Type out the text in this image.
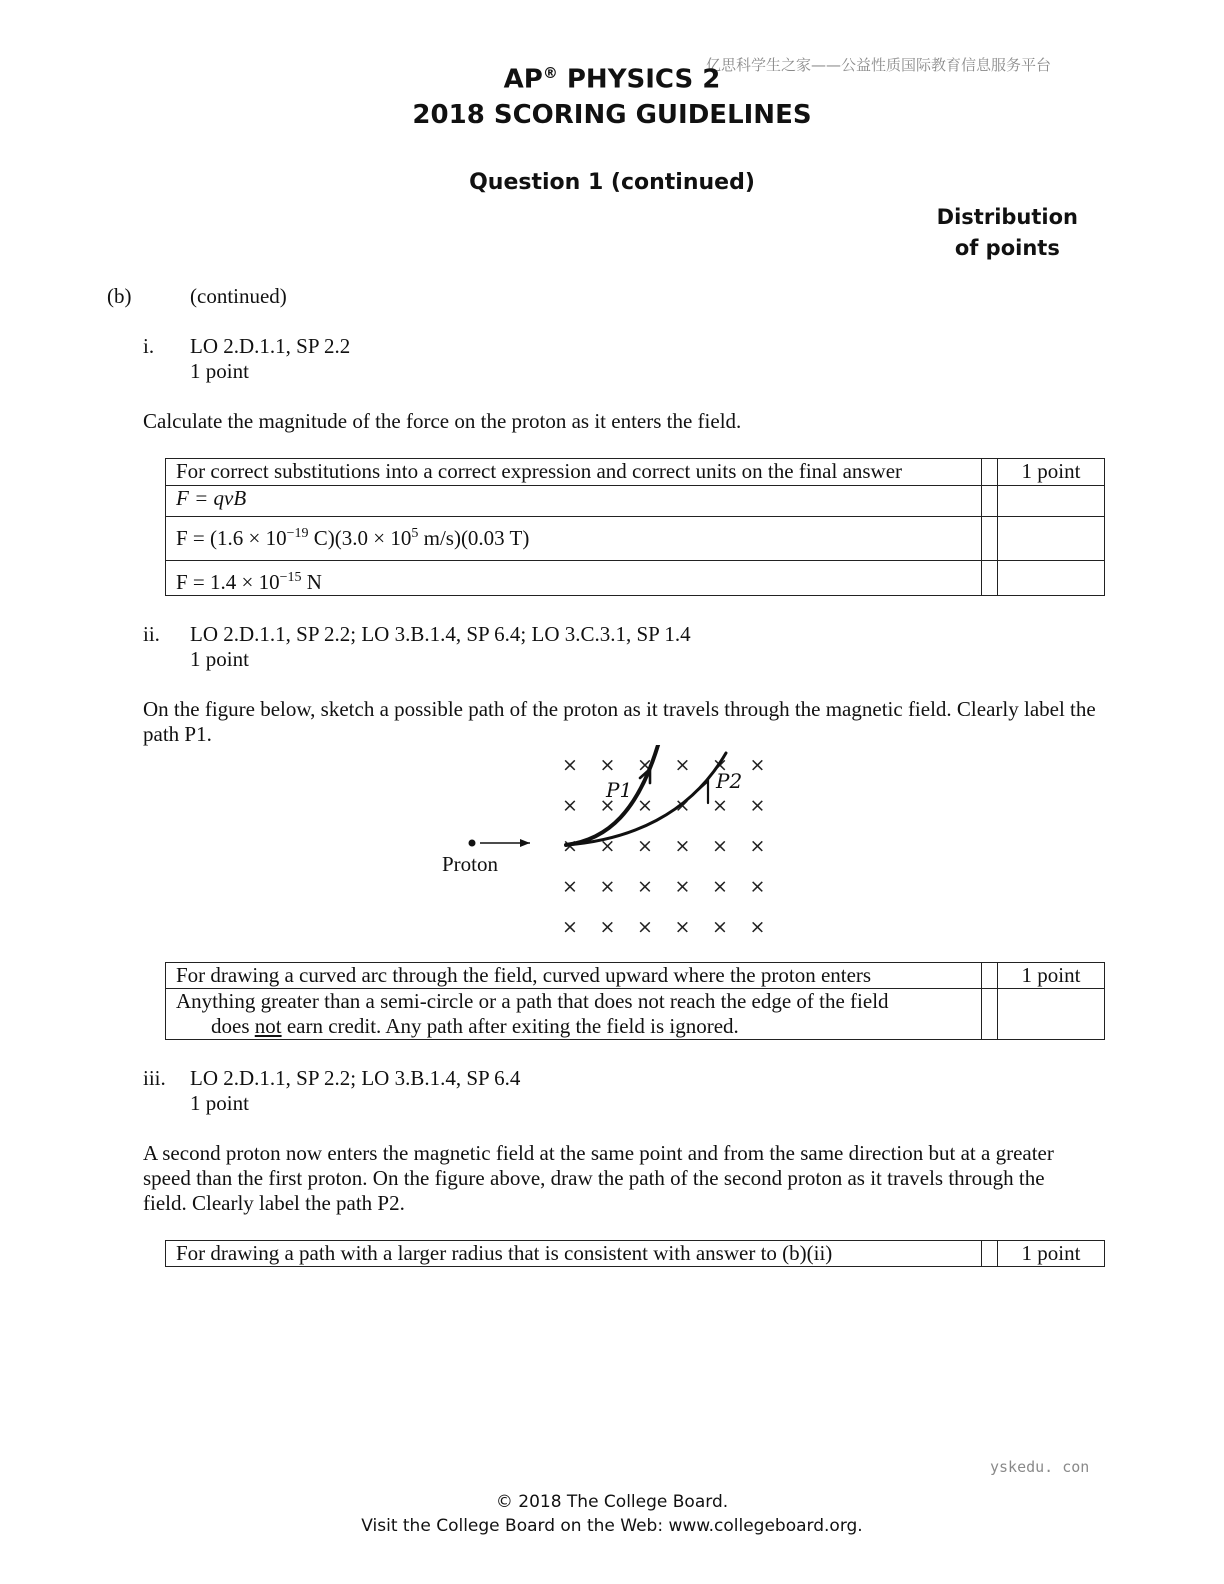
亿思科学生之家——公益性质国际教育信息服务平台
AP® PHYSICS 2
2018 SCORING GUIDELINES
Question 1 (continued)
Distribution
of points
(b)	(continued)
i. LO 2.D.1.1, SP 2.2
1 point
Calculate the magnitude of the force on the proton as it enters the field.
For correct substitutions into a correct expression and correct units on the final answer		1 point
F = qvB		
$F = (1.6 \times 10^{-19}$ $C)(3.0 \times 10^5$ m/s)(0.03 T)		
$F = 1.4 \times 10^{-15}$ N		
ii. LO 2.D.1.1, SP 2.2; LO 3.B.1.4, SP 6.4; LO 3.C.3.1, SP 1.4
1 point
On the figure below, sketch a possible path of the proton as it travels through the magnetic field. Clearly label the path P1.
× × × × × ×
× × × × × ×
× × × × × ×
× × × × × ×
× × × × × ×
Proton
P1	P2
For drawing a curved arc through the field, curved upward where the proton enters		1 point

Anything greater than a semi-circle or a path that does not reach the edge of the field
does not earn credit. Any path after exiting the field is ignored.		
iii. LO 2.D.1.1, SP 2.2; LO 3.B.1.4, SP 6.4
1 point
A second proton now enters the magnetic field at the same point and from the same direction but at a greater
speed than the first proton. On the figure above, draw the path of the second proton as it travels through the
field. Clearly label the path P2.
For drawing a path with a larger radius that is consistent with answer to (b)(ii)		1 point
yskedu. con
© 2018 The College Board.
Visit the College Board on the Web: www.collegeboard.org.
